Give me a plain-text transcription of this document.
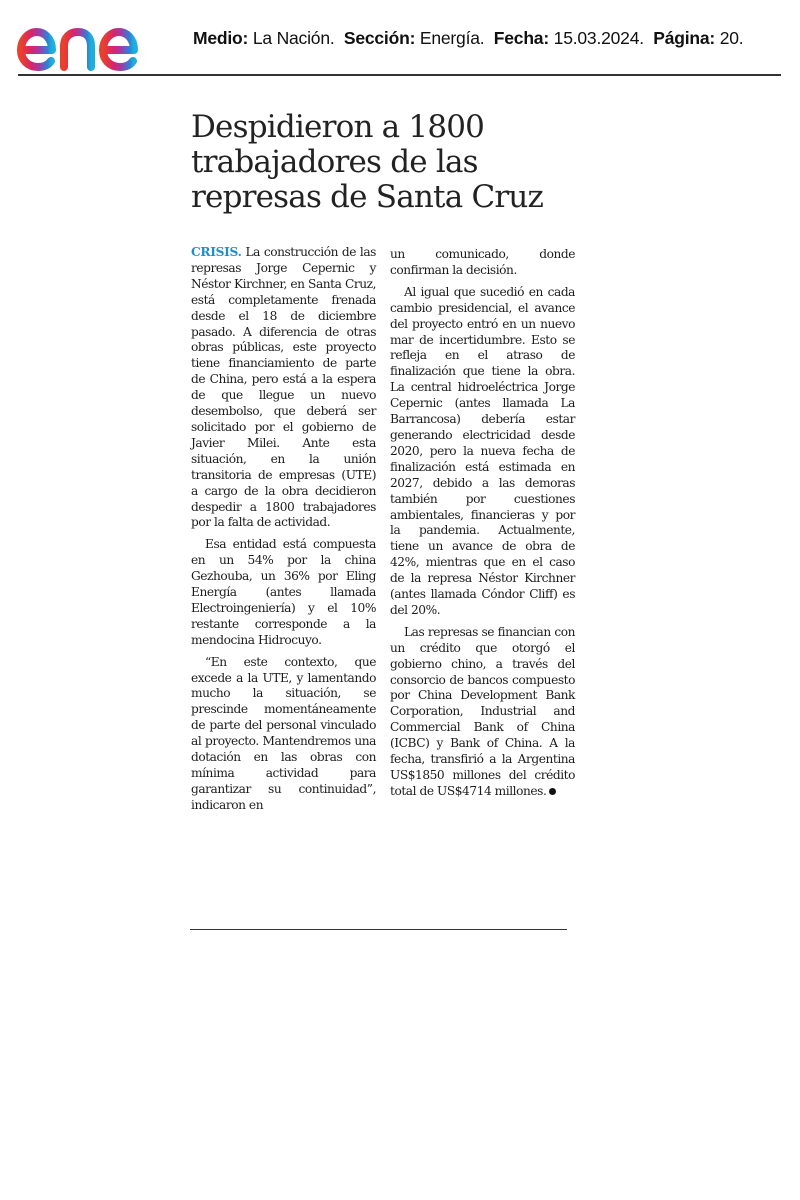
Medio: La Nación. Sección: Energía. Fecha: 15.03.2024. Página: 20.
Despidieron a 1800
trabajadores de las
represas de Santa Cruz

CRISIS. La construcción de las represas Jorge Cepernic y Néstor Kirchner, en Santa Cruz, está completamente frenada desde el 18 de diciembre pasado. A diferencia de otras obras públicas, este proyecto tiene financiamiento de parte de China, pero está a la espera de que llegue un nuevo desembolso, que deberá ser solicitado por el gobierno de Javier Milei. Ante esta situación, en la unión transitoria de empresas (UTE) a cargo de la obra decidieron despedir a 1800 trabajadores por la falta de actividad.

Esa entidad está compuesta en un 54% por la china Gezhouba, un 36% por Eling Energía (antes llamada Electroingeniería) y el 10% restante corresponde a la mendocina Hidrocuyo.

“En este contexto, que excede a la UTE, y lamentando mucho la situación, se prescinde momentáneamente de parte del personal vinculado al proyecto. Mantendremos una dotación en las obras con mínima actividad para garantizar su continuidad”, indicaron en

un comunicado, donde confirman la decisión.

Al igual que sucedió en cada cambio presidencial, el avance del proyecto entró en un nuevo mar de incertidumbre. Esto se refleja en el atraso de finalización que tiene la obra. La central hidroeléctrica Jorge Cepernic (antes llamada La Barrancosa) debería estar generando electricidad desde 2020, pero la nueva fecha de finalización está estimada en 2027, debido a las demoras también por cuestiones ambientales, financieras y por la pandemia. Actualmente, tiene un avance de obra de 42%, mientras que en el caso de la represa Néstor Kirchner (antes llamada Cóndor Cliff) es del 20%.

Las represas se financian con un crédito que otorgó el gobierno chino, a través del consorcio de bancos compuesto por China Development Bank Corporation, Industrial and Commercial Bank of China (ICBC) y Bank of China. A la fecha, transfirió a la Argentina US$1850 millones del crédito total de US$4714 millones.
